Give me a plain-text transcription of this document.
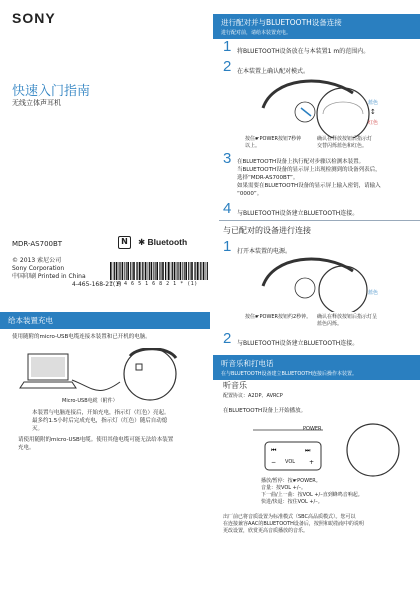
SONY
快速入门指南
无线立体声耳机
MDR-AS700BT
© 2013 索尼公司
Sony Corporation
中国印刷 Printed in China
4-465-168-21(1)
N	✱ Bluetooth
* 4 4 6 5 1 6 8 2 1 * (1)
给本装置充电
使用随附的micro-USB电缆连接本装置和已开机的电脑。
Micro-USB电缆（附件）
本装置与电脑连接后，开始充电，指示灯（红色）亮起。
最多约1.5小时后完成充电，指示灯（红色）随后自动熄
灭。
请使用随附的micro-USB电缆。使用其他电缆可能无法给本装置
充电。
进行配对并与BLUETOOTH设备连接
进行配对前，请给本装置充电。
1 将BLUETOOTH设备放在与本装置1 m的范围内。
2 在本装置上确认配对模式。
蓝色
↕
红色
按住☛POWER按钮7秒钟
以上。
确认在释放按钮后指示灯
交替闪烁蓝色和红色。
3 在BLUETOOTH设备上执行配对步骤以检测本装置。
当BLUETOOTH设备的显示屏上出现检测到的设备列表后，
选择“MDR-AS700BT”。
如果需要在BLUETOOTH设备的显示屏上输入密钥，请输入
“0000”。
4 与BLUETOOTH设备建立BLUETOOTH连接。
与已配对的设备进行连接
1 打开本装置的电源。
蓝色
按住☛POWER按钮约2秒钟。	确认在释放按钮后指示灯呈
蓝色闪烁。
2 与BLUETOOTH设备建立BLUETOOTH连接。
听音乐和打电话
在与BLUETOOTH设备建立BLUETOOTH连接后操作本装置。
听音乐
配置协议：A2DP、AVRCP
在BLUETOOTH设备上开始播放。
⏮	⏭
−	+
POWER
VOL
播放/暂停：按☛POWER。
音量：按VOL +/–。
下一曲/上一曲：按VOL +/–直到蜂鸣音响起。
快进/快退：按住VOL +/–。
出厂前已将音质设置为标准模式（SBC高品质模式）。您可以
在连接兼容AAC的BLUETOOTH设备后，按照和助指南中的说明
更改设置，欣赏更高音质播放的音乐。
